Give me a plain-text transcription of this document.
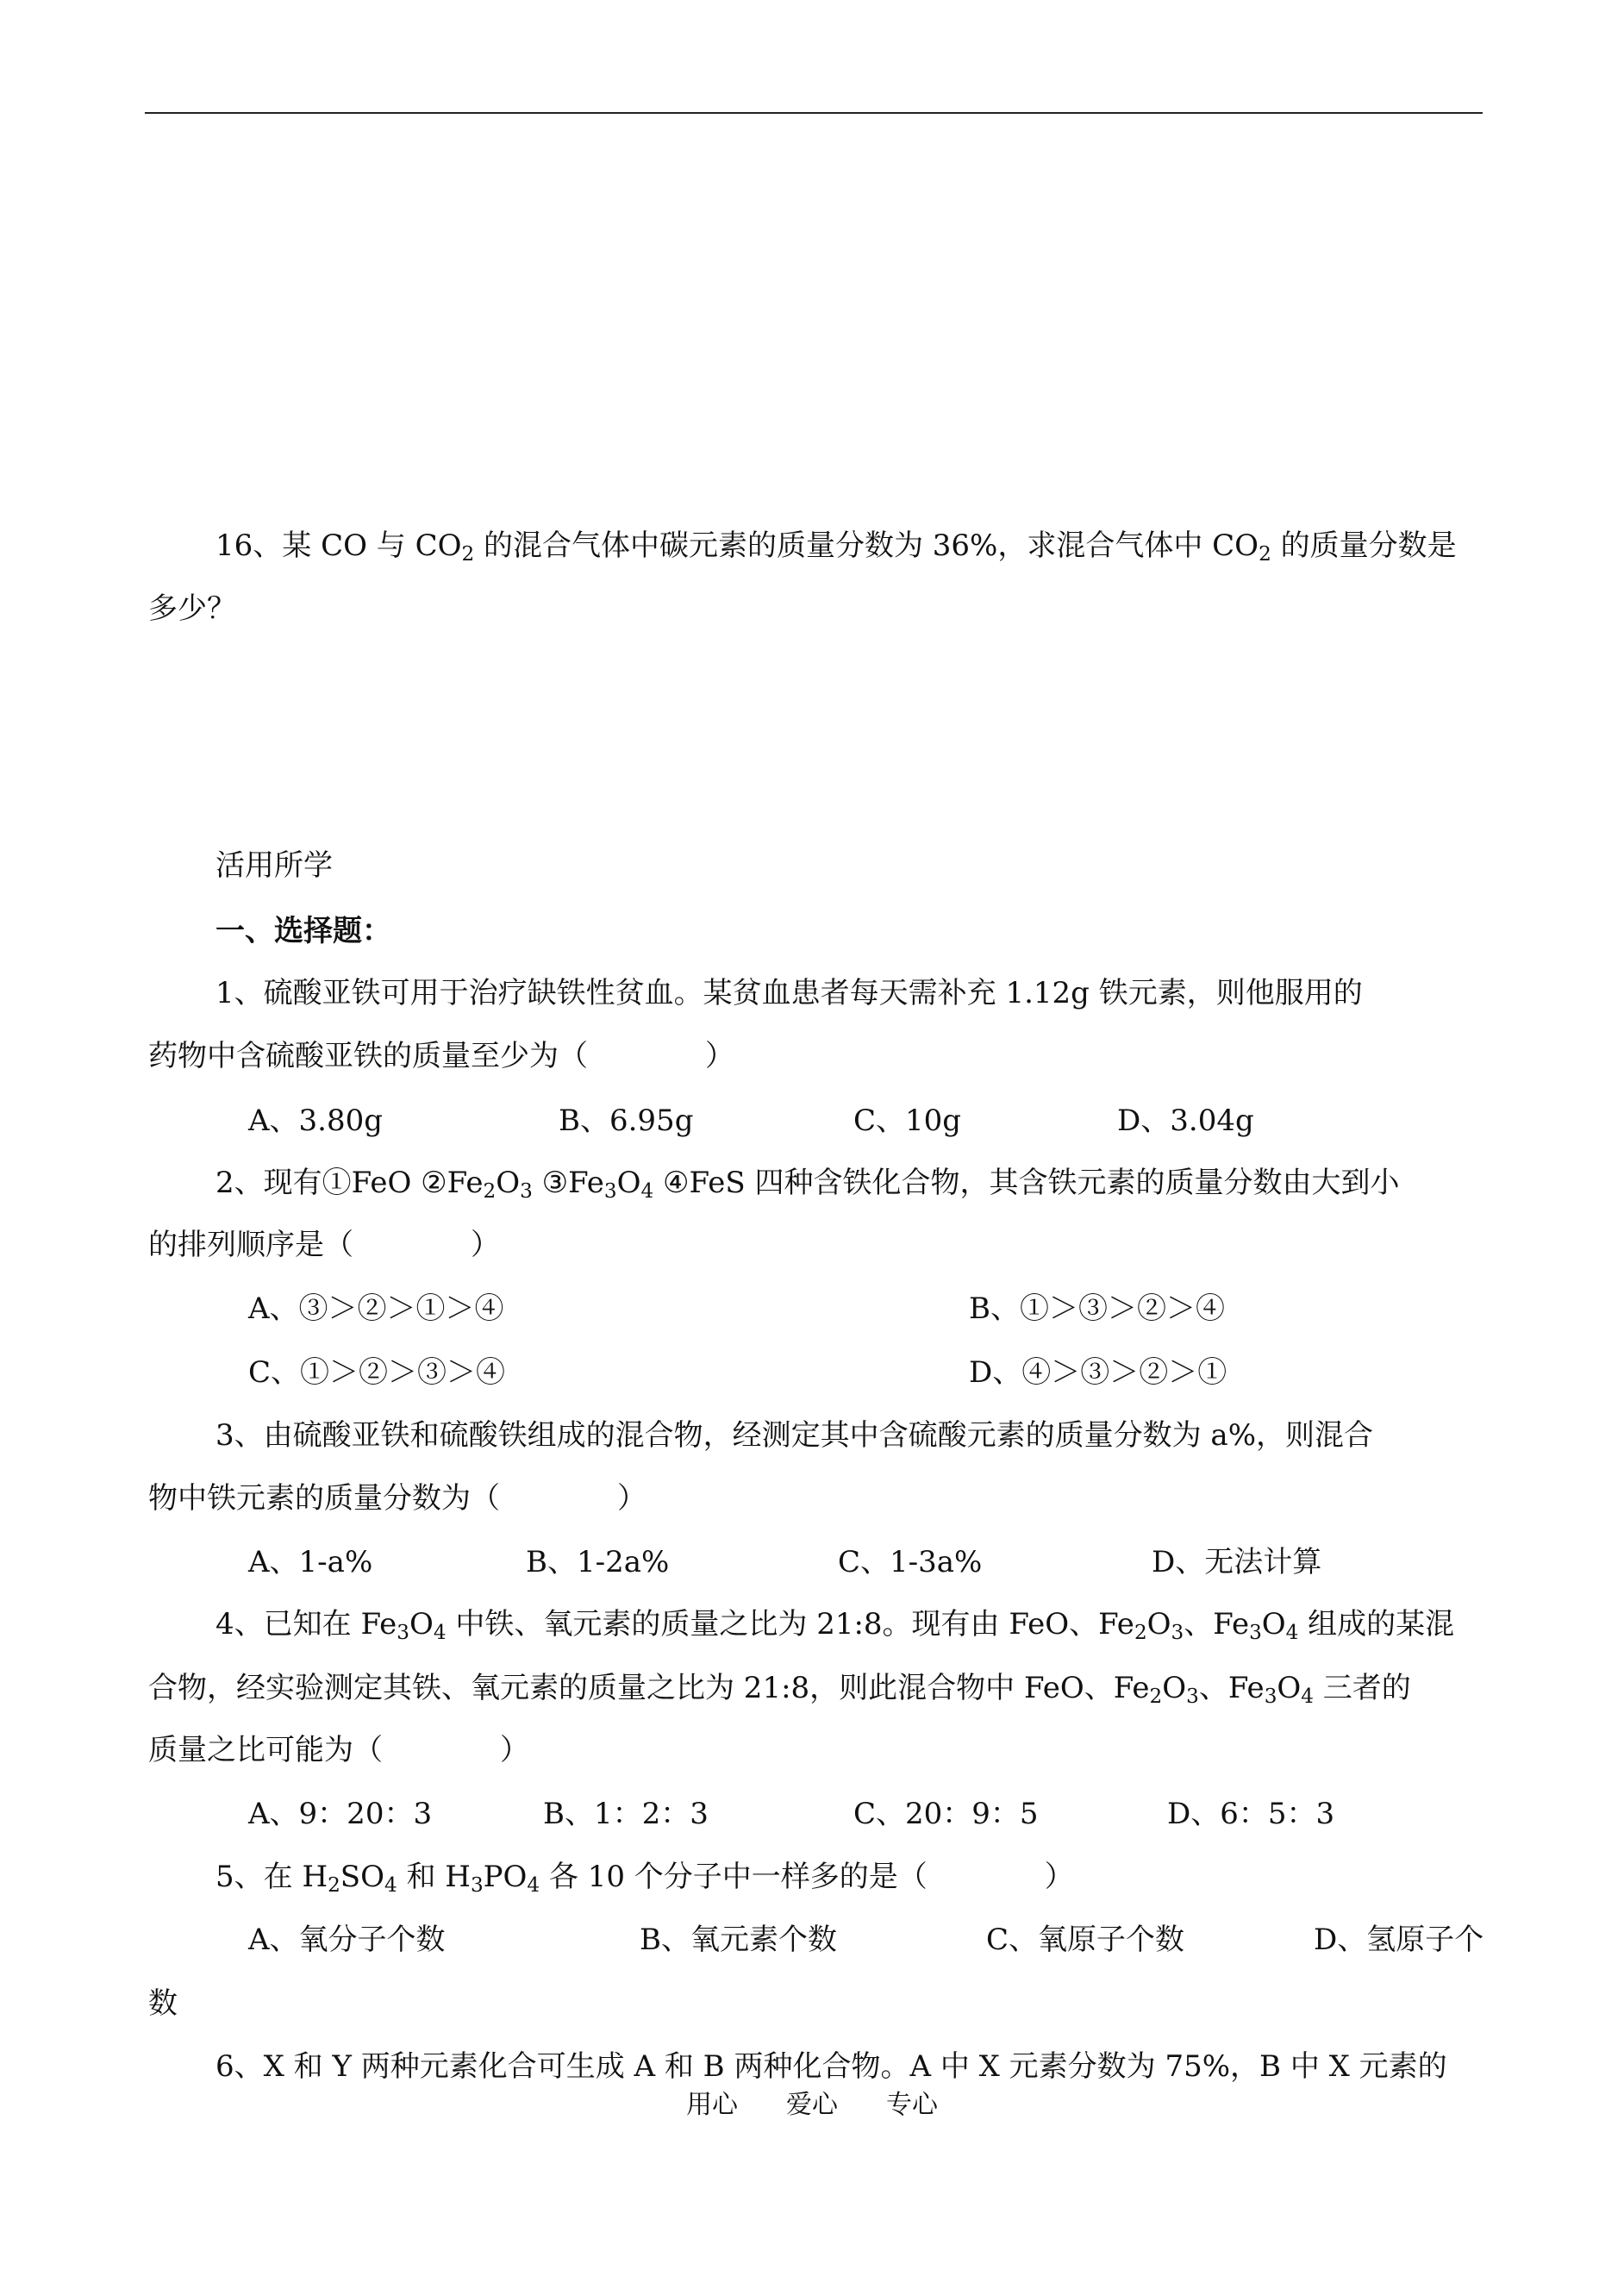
16、某 CO 与 $CO_2$ 的混合气体中碳元素的质量分数为 36%，求混合气体中 $CO_2$ 的质量分数是
多少？
活用所学
一、选择题：
1、硫酸亚铁可用于治疗缺铁性贫血。某贫血患者每天需补充 1.12g 铁元素，则他服用的
药物中含硫酸亚铁的质量至少为（　　　　）
A、3.80g	B、6.95g	C、10g	D、3.04g
2、现有①FeO $②Fe_2O_3$ $③Fe_3O_4$ ④FeS 四种含铁化合物，其含铁元素的质量分数由大到小
的排列顺序是（　　　　）
A、③＞②＞①＞④	B、①＞③＞②＞④
C、①＞②＞③＞④	D、④＞③＞②＞①
3、由硫酸亚铁和硫酸铁组成的混合物，经测定其中含硫酸元素的质量分数为 a%，则混合
物中铁元素的质量分数为（　　　　）
A、1-a%	B、1-2a%	C、1-3a%	D、无法计算
4、已知在 $Fe_3O_4$ 中铁、氧元素的质量之比为 21:8。现有由 FeO、$Fe_2O_3$、$Fe_3O_4$ 组成的某混
合物，经实验测定其铁、氧元素的质量之比为 21:8，则此混合物中 FeO、$Fe_2O_3$、$Fe_3O_4$ 三者的
质量之比可能为（　　　　）
A、9：20：3	B、1：2：3	C、20：9：5	D、6：5：3
5、在 $H_2SO_4$ 和 $H_3PO_4$ 各 10 个分子中一样多的是（　　　　）
A、氧分子个数	B、氧元素个数	C、氧原子个数	D、氢原子个
数
6、X 和 Y 两种元素化合可生成 A 和 B 两种化合物。A 中 X 元素分数为 75%，B 中 X 元素的
用心 爱心 专心
